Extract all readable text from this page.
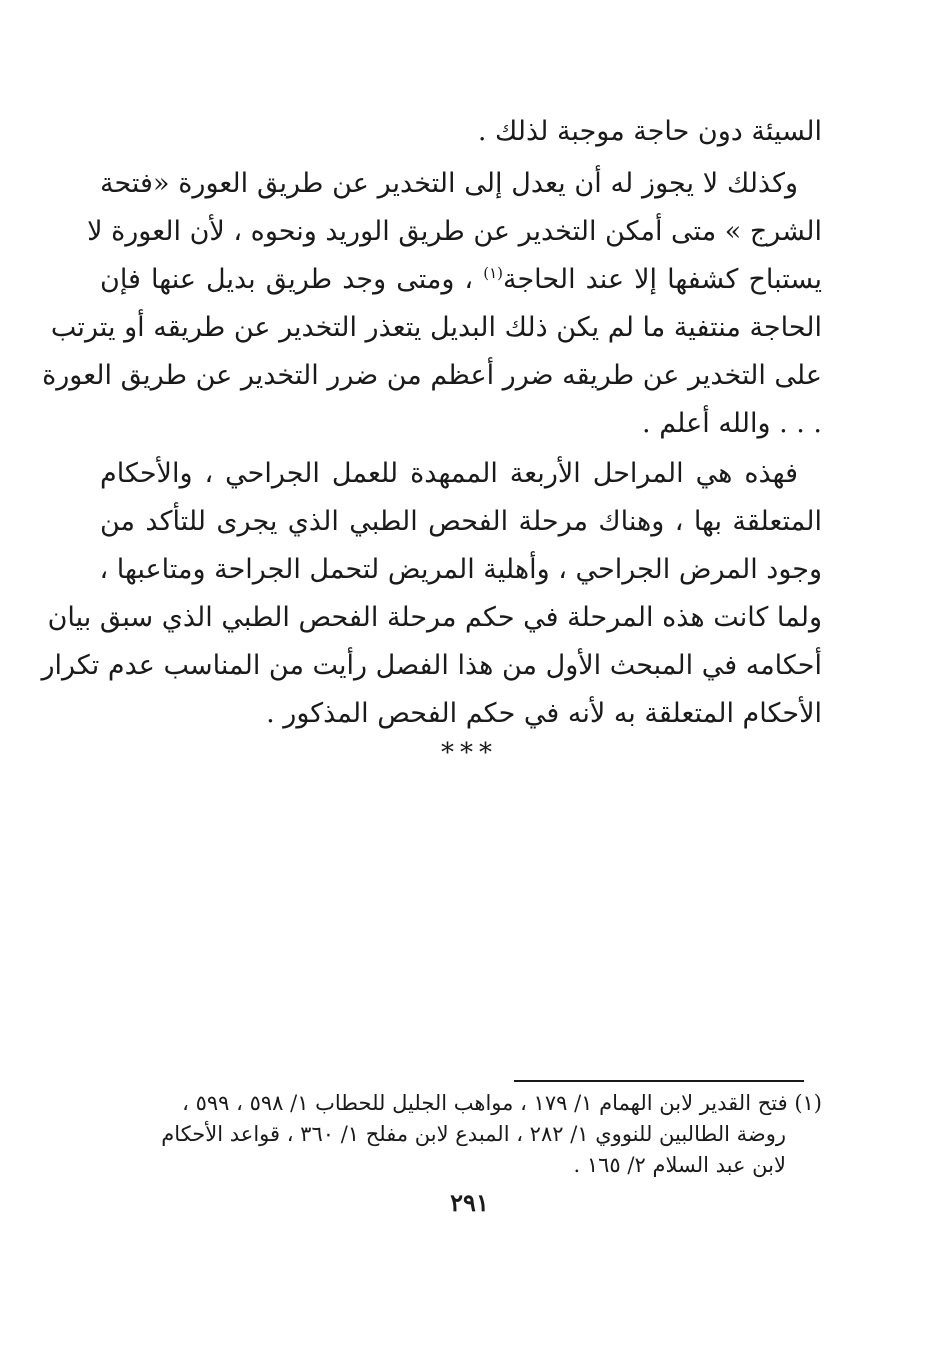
السيئة دون حاجة موجبة لذلك .
وكذلك لا يجوز له أن يعدل إلى التخدير عن طريق العورة «فتحة
الشرج » متى أمكن التخدير عن طريق الوريد ونحوه ، لأن العورة لا
يستباح كشفها إلا عند الحاجة$^{(١)}$ ، ومتى وجد طريق بديل عنها فإن
الحاجة منتفية ما لم يكن ذلك البديل يتعذر التخدير عن طريقه أو يترتب
على التخدير عن طريقه ضرر أعظم من ضرر التخدير عن طريق العورة
. . . والله أعلم .
فهذه هي المراحل الأربعة الممهدة للعمل الجراحي ، والأحكام
المتعلقة بها ، وهناك مرحلة الفحص الطبي الذي يجرى للتأكد من
وجود المرض الجراحي ، وأهلية المريض لتحمل الجراحة ومتاعبها ،
ولما كانت هذه المرحلة في حكم مرحلة الفحص الطبي الذي سبق بيان
أحكامه في المبحث الأول من هذا الفصل رأيت من المناسب عدم تكرار
الأحكام المتعلقة به لأنه في حكم الفحص المذكور .
***
(١) فتح القدير لابن الهمام ١/ ١٧٩ ، مواهب الجليل للحطاب ١/ ٥٩٨ ، ٥٩٩ ،
روضة الطالبين للنووي ١/ ٢٨٢ ، المبدع لابن مفلح ١/ ٣٦٠ ، قواعد الأحكام
لابن عبد السلام ٢/ ١٦٥ .
٢٩١
